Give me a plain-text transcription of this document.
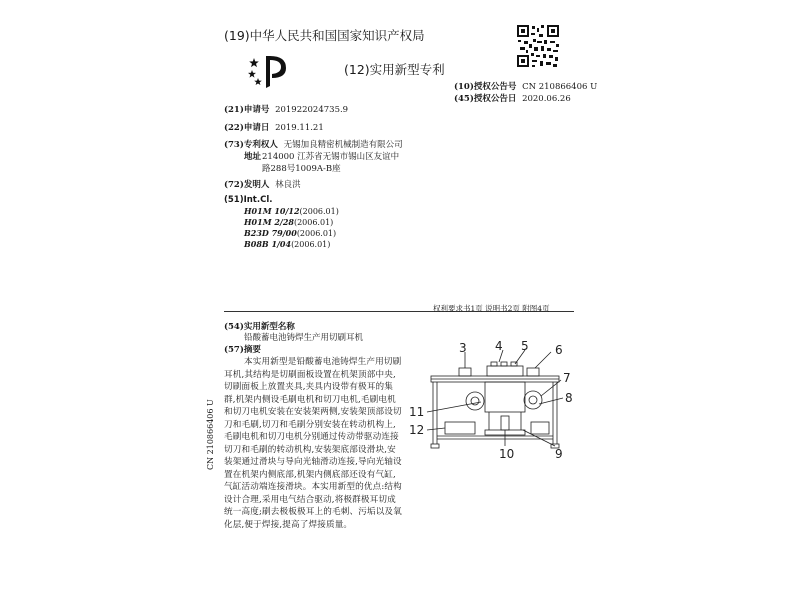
(19)中华人民共和国国家知识产权局
(12)实用新型专利
(10)授权公告号 CN 210866406 U
(45)授权公告日 2020.06.26
(21)申请号 201922024735.9
(22)申请日 2019.11.21
(73)专利权人 无锡加良精密机械制造有限公司
地址 214000 江苏省无锡市锡山区友谊中
路288号1009A-B座
(72)发明人 林良洪
(51)Int.Cl.
H01M 10/12(2006.01)
H01M 2/28(2006.01)
B23D 79/00(2006.01)
B08B 1/04(2006.01)
权利要求书1页 说明书2页 附图4页
(54)实用新型名称
铅酸蓄电池铸焊生产用切刷耳机
(57)摘要
本实用新型是铅酸蓄电池铸焊生产用切刷
耳机,其结构是切刷面板设置在机架顶部中央,
切刷面板上放置夹具,夹具内设带有极耳的集
群,机架内侧设毛刷电机和切刀电机,毛刷电机
和切刀电机安装在安装架两侧,安装架顶部设切
刀和毛刷,切刀和毛刷分别安装在转动机构上,
毛刷电机和切刀电机分别通过传动带驱动连接
切刀和毛刷的转动机构,安装架底部设滑块,安
装架通过滑块与导向光轴滑动连接,导向光轴设
置在机架内侧底部,机架内侧底部还设有气缸,
气缸活动端连接滑块。本实用新型的优点:结构
设计合理,采用电气结合驱动,将极群极耳切成
统一高度;刷去极板极耳上的毛刺、污垢以及氧
化层,便于焊接,提高了焊接质量。
3 4 5 6
7
8
9
10
11
12
CN 210866406 U
